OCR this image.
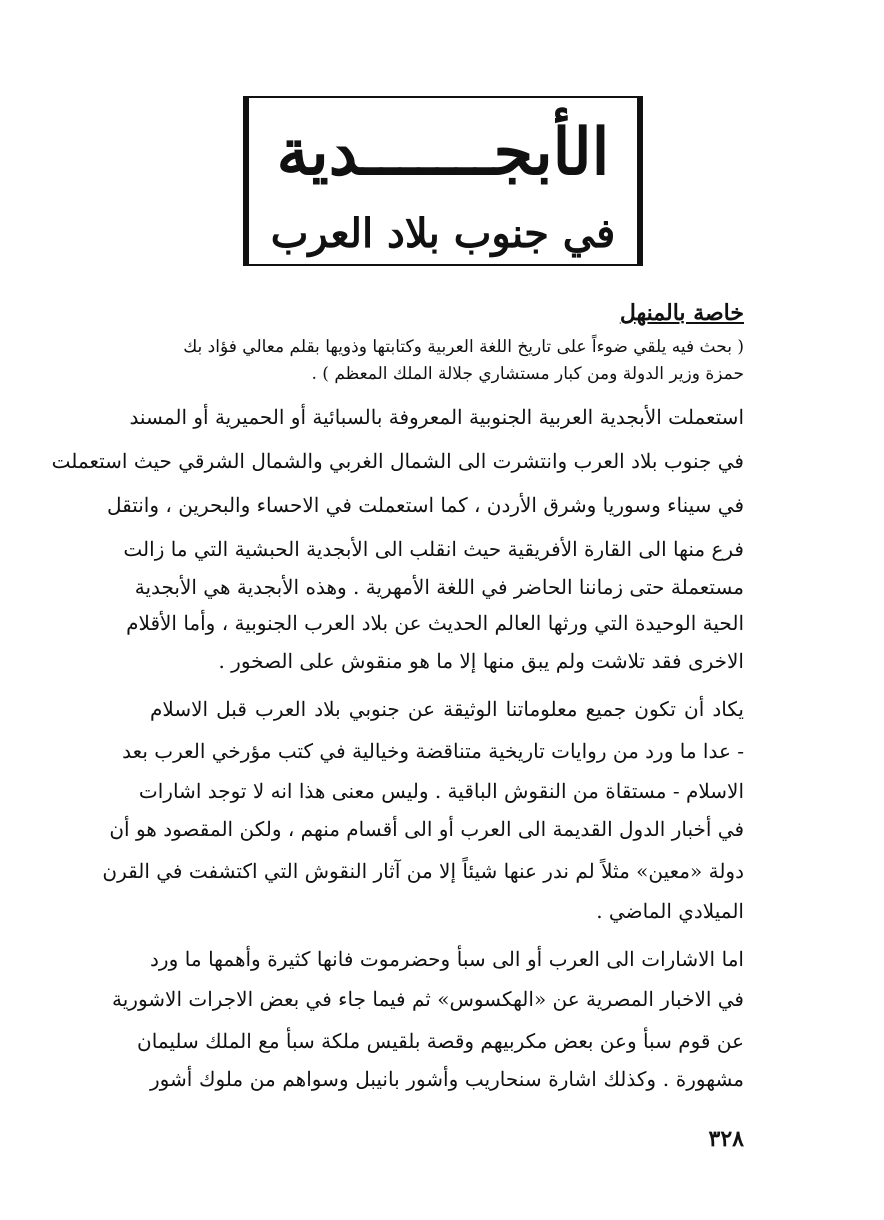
الأبجـــــــدية
في جنوب بلاد العرب
خاصة بالمنهل
( بحث فيه يلقي ضوءاً على تاريخ اللغة العربية وكتابتها وذويها بقلم معالي فؤاد بك حمزة وزير الدولة ومن كبار مستشاري جلالة الملك المعظم ) .
استعملت الأبجدية العربية الجنوبية المعروفة بالسبائية أو الحميرية أو المسند
في جنوب بلاد العرب وانتشرت الى الشمال الغربي والشمال الشرقي حيث استعملت
في سيناء وسوريا وشرق الأردن ، كما استعملت في الاحساء والبحرين ، وانتقل
فرع منها الى القارة الأفريقية حيث انقلب الى الأبجدية الحبشية التي ما زالت
مستعملة حتى زماننا الحاضر في اللغة الأمهرية . وهذه الأبجدية هي الأبجدية
الحية الوحيدة التي ورثها العالم الحديث عن بلاد العرب الجنوبية ، وأما الأقلام
الاخرى فقد تلاشت ولم يبق منها إلا ما هو منقوش على الصخور .
يكاد أن تكون جميع معلوماتنا الوثيقة عن جنوبي بلاد العرب قبل الاسلام
- عدا ما ورد من روايات تاريخية متناقضة وخيالية في كتب مؤرخي العرب بعد
الاسلام - مستقاة من النقوش الباقية . وليس معنى هذا انه لا توجد اشارات
في أخبار الدول القديمة الى العرب أو الى أقسام منهم ، ولكن المقصود هو أن
دولة «معين» مثلاً لم ندر عنها شيئاً إلا من آثار النقوش التي اكتشفت في القرن
الميلادي الماضي .
اما الاشارات الى العرب أو الى سبأ وحضرموت فانها كثيرة وأهمها ما ورد
في الاخبار المصرية عن «الهكسوس» ثم فيما جاء في بعض الاجرات الاشورية
عن قوم سبأ وعن بعض مكربيهم وقصة بلقيس ملكة سبأ مع الملك سليمان
مشهورة . وكذلك اشارة سنحاريب وأشور بانيبل وسواهم من ملوك أشور
٣٢٨
